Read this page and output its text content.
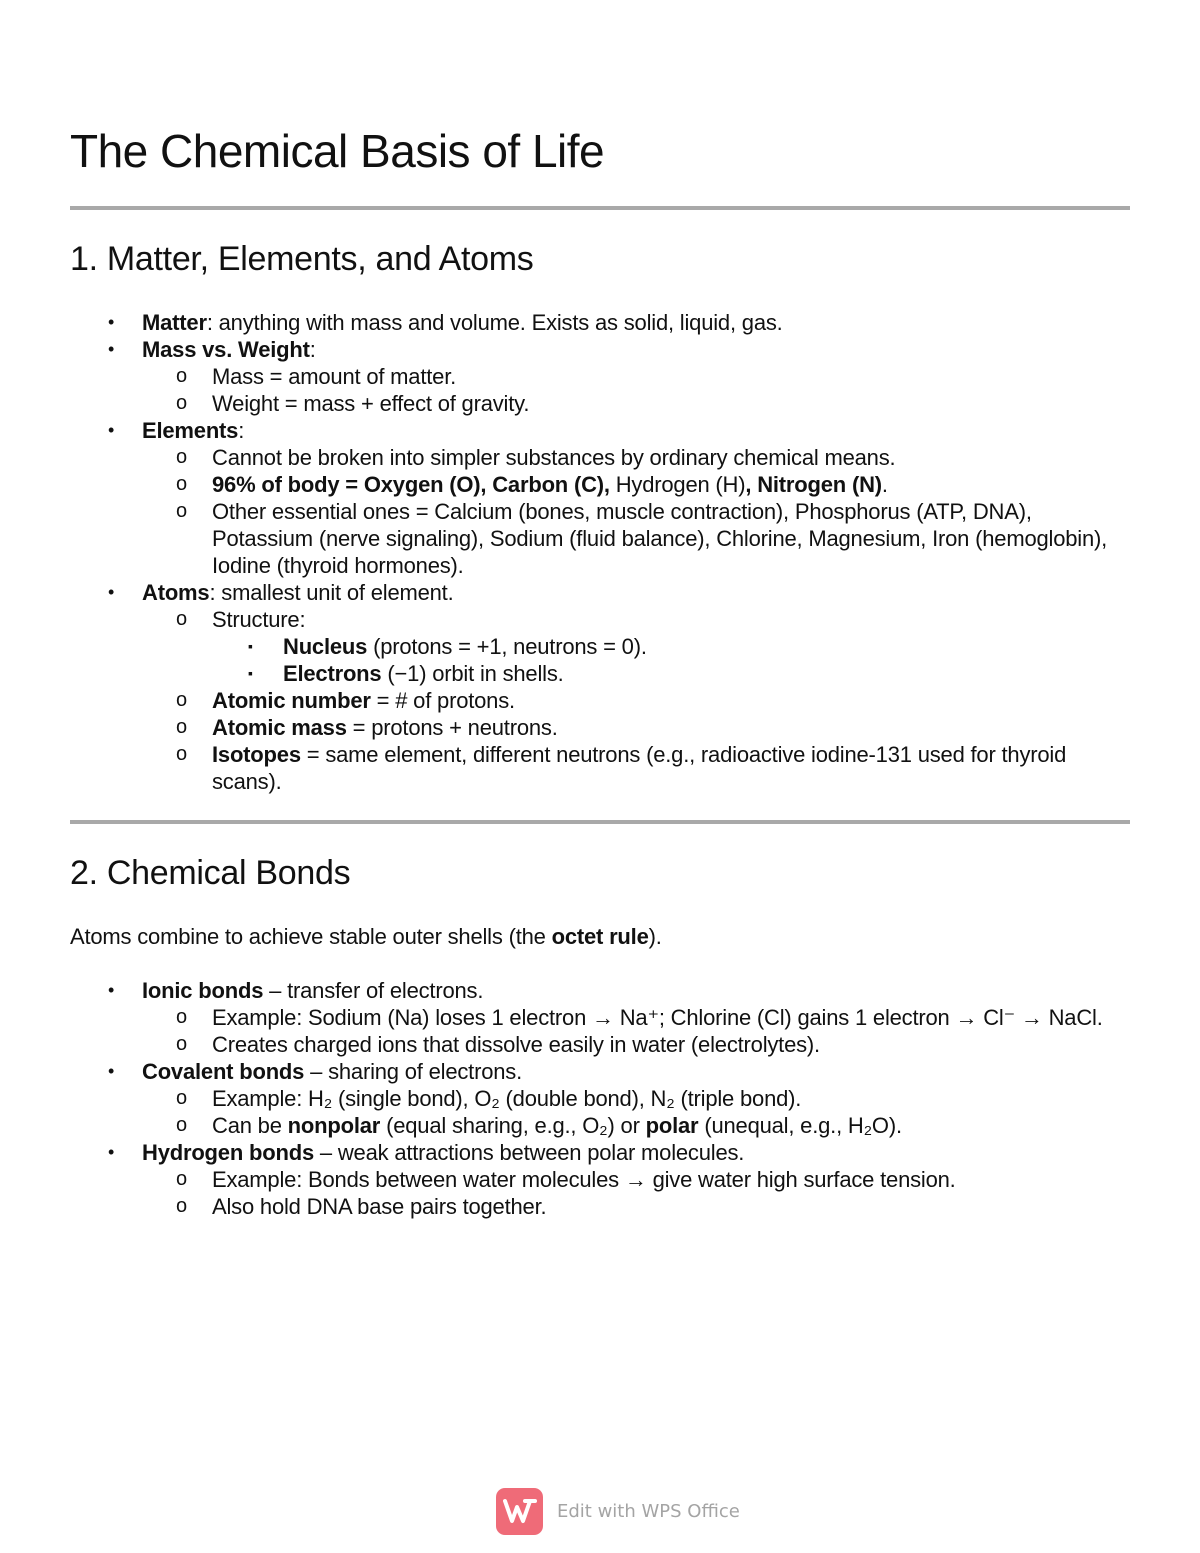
The Chemical Basis of Life
1. Matter, Elements, and Atoms
• Matter: anything with mass and volume. Exists as solid, liquid, gas.
• Mass vs. Weight:
o Mass = amount of matter.
o Weight = mass + effect of gravity.
• Elements:
o Cannot be broken into simpler substances by ordinary chemical means.
o 96% of body = Oxygen (O), Carbon (C), Hydrogen (H), Nitrogen (N).
o Other essential ones = Calcium (bones, muscle contraction), Phosphorus (ATP, DNA), Potassium (nerve signaling), Sodium (fluid balance), Chlorine, Magnesium, Iron (hemoglobin), Iodine (thyroid hormones).
• Atoms: smallest unit of element.
o Structure:
▪ Nucleus (protons = +1, neutrons = 0).
▪ Electrons (−1) orbit in shells.
o Atomic number = # of protons.
o Atomic mass = protons + neutrons.
o Isotopes = same element, different neutrons (e.g., radioactive iodine-131 used for thyroid scans).
2. Chemical Bonds
Atoms combine to achieve stable outer shells (the octet rule).
• Ionic bonds – transfer of electrons.
o Example: Sodium (Na) loses 1 electron → Na⁺; Chlorine (Cl) gains 1 electron → Cl⁻ → NaCl.
o Creates charged ions that dissolve easily in water (electrolytes).
• Covalent bonds – sharing of electrons.
o Example: H₂ (single bond), O₂ (double bond), N₂ (triple bond).
o Can be nonpolar (equal sharing, e.g., O₂) or polar (unequal, e.g., H₂O).
• Hydrogen bonds – weak attractions between polar molecules.
o Example: Bonds between water molecules → give water high surface tension.
o Also hold DNA base pairs together.
Edit with WPS Office
